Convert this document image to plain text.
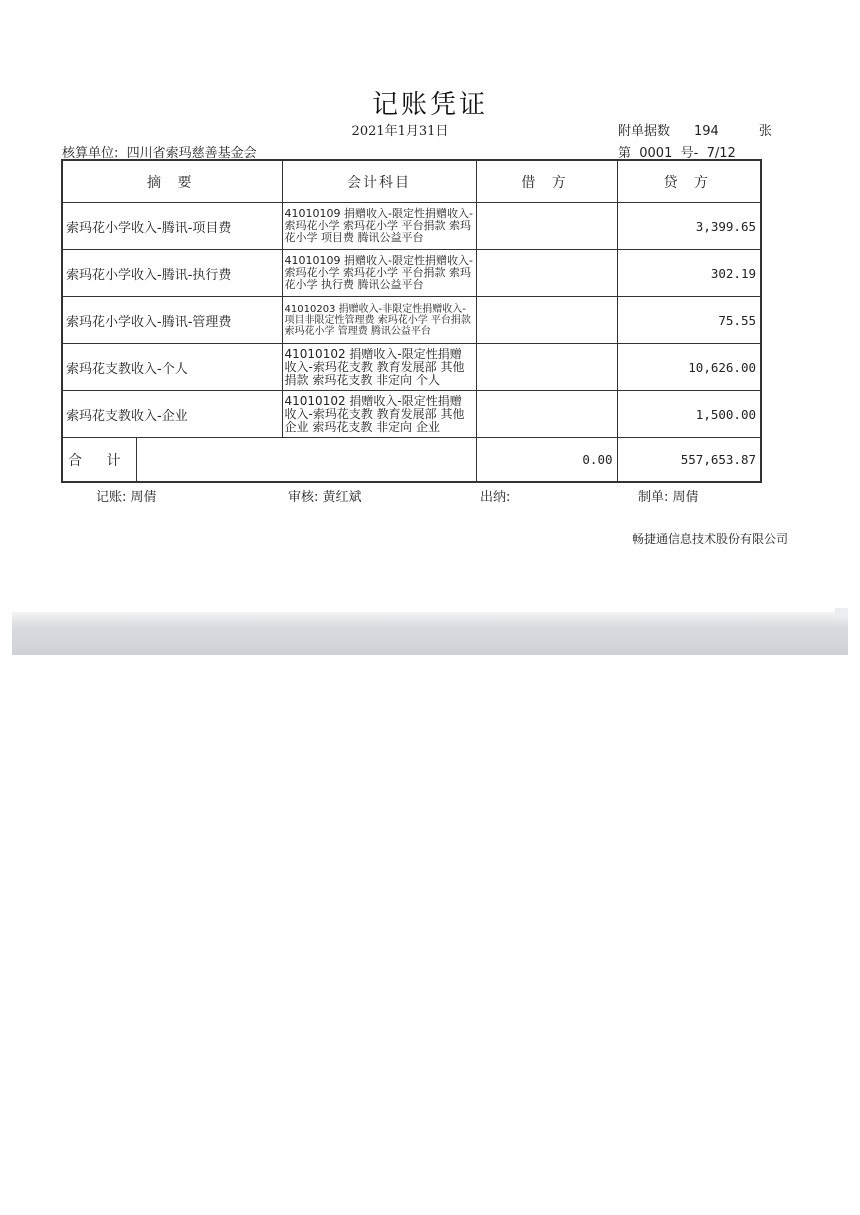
记账凭证
2021年1月31日	附单据数 194	张
核算单位: 四川省索玛慈善基金会	第  0001  号-  7/12
摘 要		会计科目	借 方	贷 方
索玛花小学收入-腾讯-项目费		41010109 捐赠收入-限定性捐赠收入-索玛花小学 索玛花小学 平台捐款 索玛花小学 项目费 腾讯公益平台		3,399.65
索玛花小学收入-腾讯-执行费		41010109 捐赠收入-限定性捐赠收入-索玛花小学 索玛花小学 平台捐款 索玛花小学 执行费 腾讯公益平台		302.19
索玛花小学收入-腾讯-管理费		41010203 捐赠收入-非限定性捐赠收入-项目非限定性管理费 索玛花小学 平台捐款 索玛花小学 管理费 腾讯公益平台		75.55
索玛花支教收入-个人		41010102 捐赠收入-限定性捐赠收入-索玛花支教 教育发展部 其他捐款 索玛花支教 非定向 个人		10,626.00
索玛花支教收入-企业		41010102 捐赠收入-限定性捐赠收入-索玛花支教 教育发展部 其他企业 索玛花支教 非定向 企业		1,500.00
合 计			0.00	557,653.87
记账: 周倩	审核: 黄红斌	出纳:	制单: 周倩
畅捷通信息技术股份有限公司
